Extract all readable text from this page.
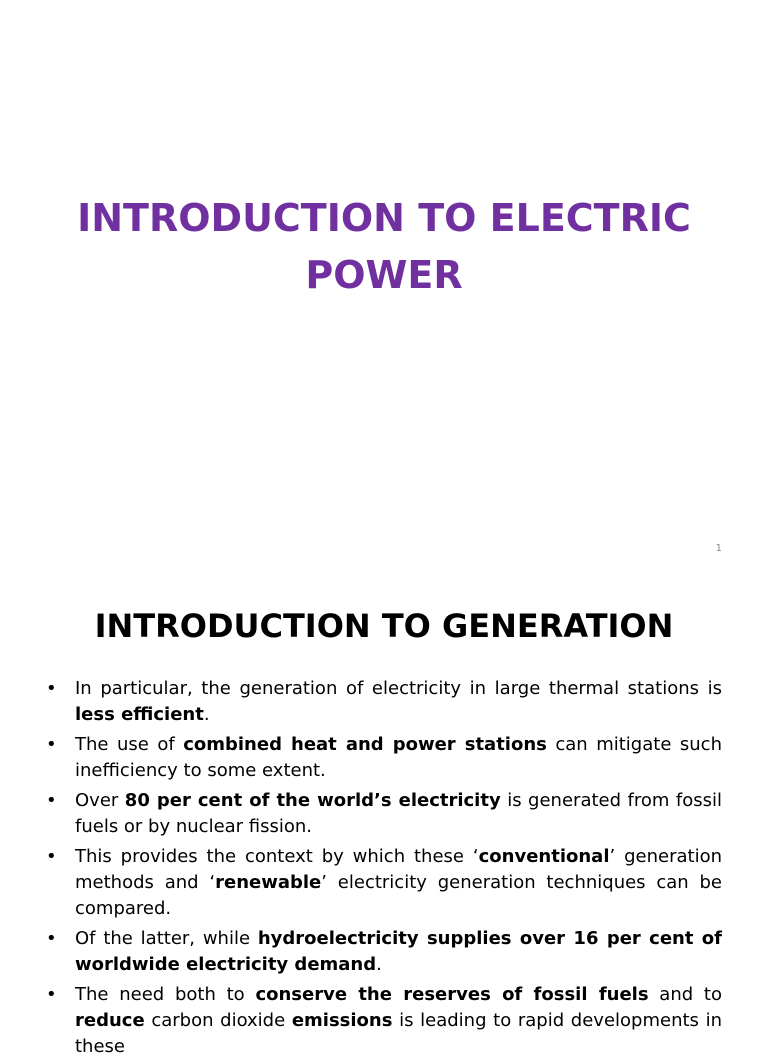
INTRODUCTION TO ELECTRIC
POWER
1
INTRODUCTION TO GENERATION
• In particular, the generation of electricity in large thermal stations is less efficient.
• The use of combined heat and power stations can mitigate such inefficiency to some extent.
• Over 80 per cent of the world’s electricity is generated from fossil fuels or by nuclear fission.
• This provides the context by which these ‘conventional’ generation methods and ‘renewable’ electricity generation techniques can be compared.
• Of the latter, while hydroelectricity supplies over 16 per cent of worldwide electricity demand.
• The need both to conserve the reserves of fossil fuels and to reduce carbon dioxide emissions is leading to rapid developments in these
